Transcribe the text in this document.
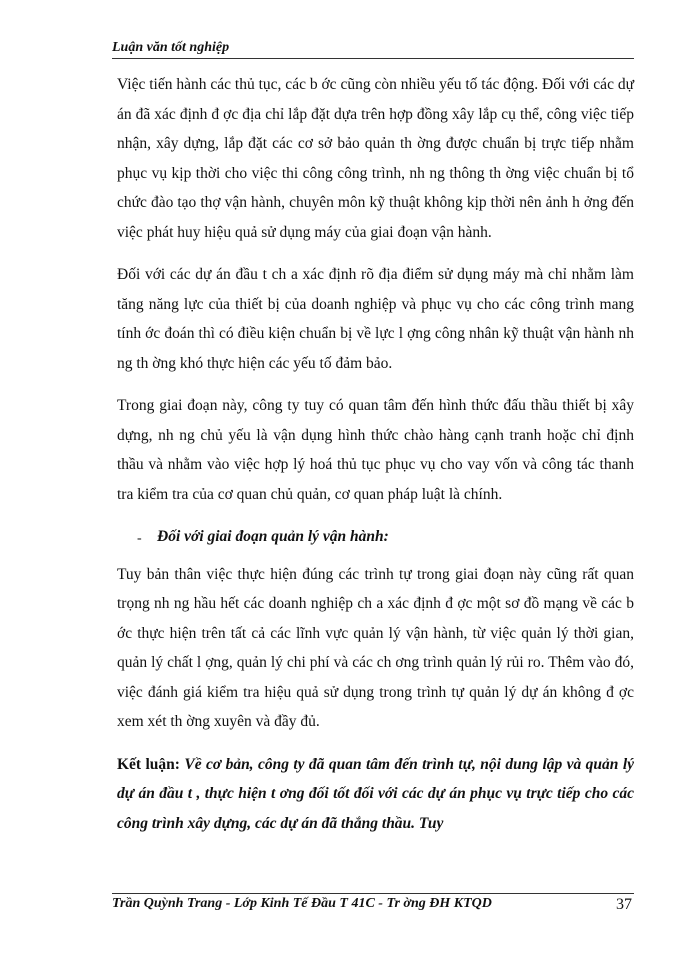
Luận văn tốt nghiệp

Việc tiến hành các thủ tục, các b ớc cũng còn nhiều yếu tố tác động. Đối với các dự án đã xác định đ ợc địa chỉ lắp đặt dựa trên hợp đồng xây lắp cụ thể, công việc tiếp nhận, xây dựng, lắp đặt các cơ sở bảo quản th ờng được chuẩn bị trực tiếp nhằm phục vụ kịp thời cho việc thi công công trình, nh ng thông th ờng việc chuẩn bị tổ chức đào tạo thợ vận hành, chuyên môn kỹ thuật không kịp thời nên ảnh h ởng đến việc phát huy hiệu quả sử dụng máy của giai đoạn vận hành.

Đối với các dự án đầu t ch a xác định rõ địa điểm sử dụng máy mà chỉ nhằm làm tăng năng lực của thiết bị của doanh nghiệp và phục vụ cho các công trình mang tính ớc đoán thì có điều kiện chuẩn bị về lực l ợng công nhân kỹ thuật vận hành nh ng th ờng khó thực hiện các yếu tố đảm bảo.

Trong giai đoạn này, công ty tuy có quan tâm đến hình thức đấu thầu thiết bị xây dựng, nh ng chủ yếu là vận dụng hình thức chào hàng cạnh tranh hoặc chỉ định thầu và nhằm vào việc hợp lý hoá thủ tục phục vụ cho vay vốn và công tác thanh tra kiểm tra của cơ quan chủ quản, cơ quan pháp luật là chính.

- Đối với giai đoạn quản lý vận hành:

Tuy bản thân việc thực hiện đúng các trình tự trong giai đoạn này cũng rất quan trọng nh ng hầu hết các doanh nghiệp ch a xác định đ ợc một sơ đồ mạng về các b ớc thực hiện trên tất cả các lĩnh vực quản lý vận hành, từ việc quản lý thời gian, quản lý chất l ợng, quản lý chi phí và các ch ơng trình quản lý rủi ro. Thêm vào đó, việc đánh giá kiểm tra hiệu quả sử dụng trong trình tự quản lý dự án không đ ợc xem xét th ờng xuyên và đầy đủ.

Kết luận: Về cơ bản, công ty đã quan tâm đến trình tự, nội dung lập và quản lý dự án đầu t , thực hiện t ơng đối tốt đối với các dự án phục vụ trực tiếp cho các công trình xây dựng, các dự án đã thắng thầu. Tuy

Trần Quỳnh Trang - Lớp Kinh Tế Đầu T 41C - Tr ờng ĐH KTQD	37
